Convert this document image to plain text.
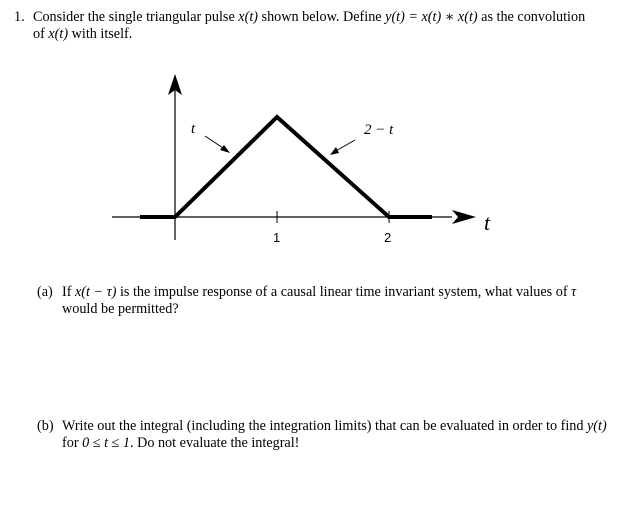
1. Consider the single triangular pulse x(t) shown below. Define y(t) = x(t) ∗ x(t) as the convolution
of x(t) with itself.
t	2 − t
1	2
t
(a) If x(t − τ) is the impulse response of a causal linear time invariant system, what values of τ
would be permitted?
(b) Write out the integral (including the integration limits) that can be evaluated in order to find y(t)
for 0 ≤ t ≤ 1. Do not evaluate the integral!
